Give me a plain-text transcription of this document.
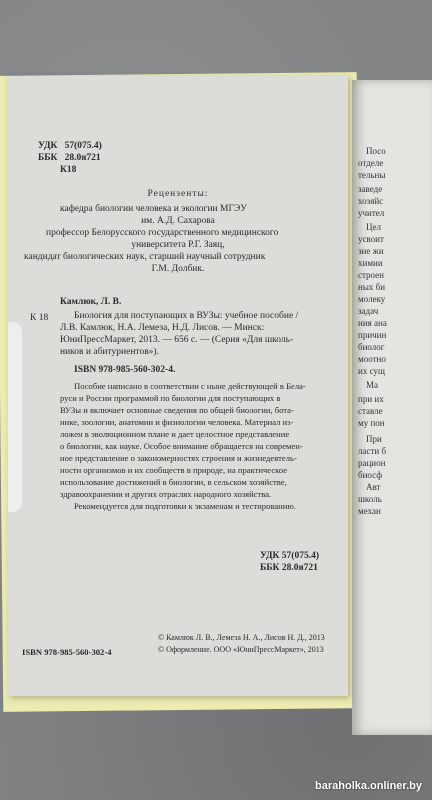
Посо
отделе
тельны
заведе
хозяйс
учител
Цел
усвоит
зие жи
химии
строен
ных би
молеку
задач
ния ана
причин
биолог
моотно
их сущ
Ма
при их
ставле
му пон
При
ласти б
рацион
биосф
Авт
школь
механ
УДК 57(075.4)
ББК 28.0я721
К18
Рецензенты:
кафедра биологии человека и экологии МГЭУ
им. А.Д. Сахарова
профессор Белорусского государственного медицинского
университета Р.Г. Заяц,
кандидат биологических наук, старший научный сотрудник
Г.М. Долбик.
Камлюк, Л. В.
К 18	Биология для поступающих в ВУЗы: учебное пособие /
Л.В. Камлюк, Н.А. Лемеза, Н.Д. Лисов. — Минск:
ЮниПрессМаркет, 2013. — 656 с. — (Серия «Для школь-
ников и абитуриентов»).
ISBN 978-985-560-302-4.
Пособие написано в соответствии с ныне действующей в Бела-
руси и России программой по биологии для поступающих в
ВУЗы и включает основные сведения по общей биологии, бота-
нике, зоологии, анатомии и физиологии человека. Материал из-
ложен в эволюционном плане и дает целостное представление
о биологии, как науке. Особое внимание обращается на современ-
ное представление о закономерностях строения и жизнедеятель-
ности организмов и их сообществ в природе, на практическое
использование достижений в биологии, в сельском хозяйстве,
здравоохранении и других отраслях народного хозяйства.
Рекомендуется для подготовки к экзаменам и тестированию.
УДК 57(075.4)
ББК 28.0я721
ISBN 978-985-560-302-4
© Камлюк Л. В., Лемеза Н. А., Лисов Н. Д., 2013
© Оформление. ООО «ЮниПрессМаркет», 2013
baraholka.onliner.by
